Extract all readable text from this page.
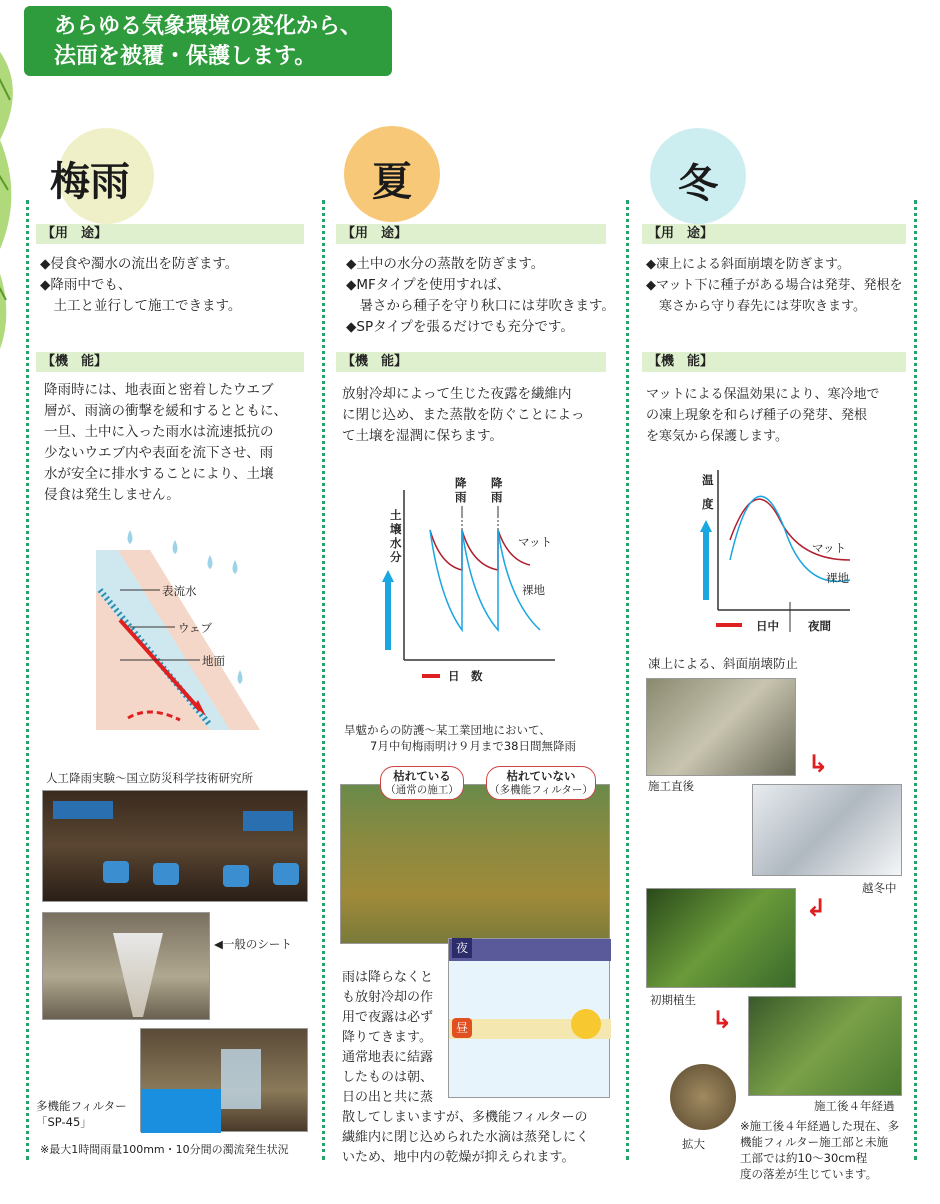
あらゆる気象環境の変化から、
法面を被覆・保護します。
梅雨
【用　途】
◆侵食や濁水の流出を防ぎます。
◆降雨中でも、
　土工と並行して施工できます。
【機　能】
降雨時には、地表面と密着したウエブ
層が、雨滴の衝撃を緩和するとともに、
一旦、土中に入った雨水は流速抵抗の
少ないウエブ内や表面を流下させ、雨
水が安全に排水することにより、土壌
侵食は発生しません。
表流水
ウェブ
地面
人工降雨実験～国立防災科学技術研究所
◀一般のシート
多機能フィルター
「SP-45」
※最大1時間雨量100mm・10分間の濁流発生状況
夏
【用　途】
◆土中の水分の蒸散を防ぎます。
◆MFタイプを使用すれば、
　暑さから種子を守り秋口には芽吹きます。
◆SPタイプを張るだけでも充分です。
【機　能】
放射冷却によって生じた夜露を繊維内
に閉じ込め、また蒸散を防ぐことによっ
て土壌を湿潤に保ちます。
土壌水分
降雨
降雨
マット
裸地
日　数
旱魃からの防護～某工業団地において、
7月中旬梅雨明け９月まで38日間無降雨
枯れている
（通常の施工）
枯れていない
（多機能フィルター）
夜
昼
雨は降らなくと
も放射冷却の作
用で夜露は必ず
降りてきます。
通常地表に結露
したものは朝、
日の出と共に蒸
散してしまいますが、多機能フィルターの
繊維内に閉じ込められた水滴は蒸発しにく
いため、地中内の乾燥が抑えられます。
冬
【用　途】
◆凍上による斜面崩壊を防ぎます。
◆マット下に種子がある場合は発芽、発根を
　寒さから守り春先には芽吹きます。
【機　能】
マットによる保温効果により、寒冷地で
の凍上現象を和らげ種子の発芽、発根
を寒気から保護します。
温度
マット
裸地
日中	夜間
凍上による、斜面崩壊防止
施工直後
↳
越冬中
↲
初期植生
↳
施工後４年経過
拡大
※施工後４年経過した現在、多
機能フィルター施工部と未施
工部では約10～30cm程
度の落差が生じています。
